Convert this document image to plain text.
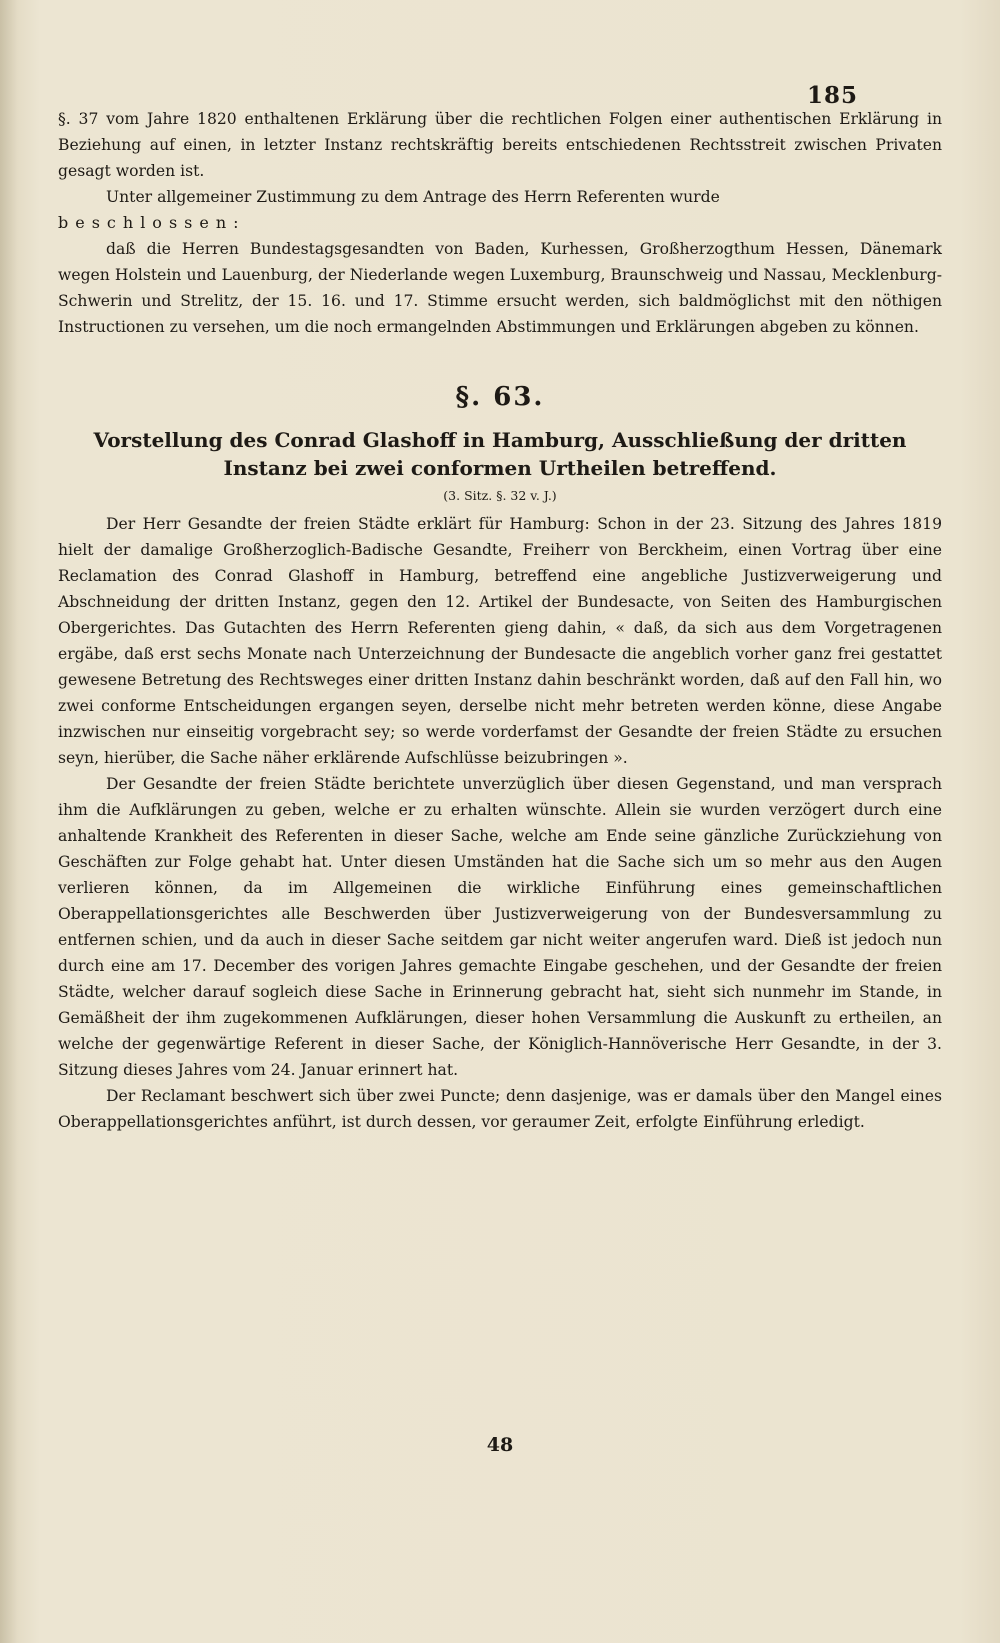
185

§. 37 vom Jahre 1820 enthaltenen Erklärung über die rechtlichen Folgen einer authentischen Erklärung in Beziehung auf einen, in letzter Instanz rechtskräftig bereits entschiedenen Rechtsstreit zwischen Privaten gesagt worden ist.

Unter allgemeiner Zustimmung zu dem Antrage des Herrn Referenten wurde

beschlossen:

daß die Herren Bundestagsgesandten von Baden, Kurhessen, Großherzogthum Hessen, Dänemark wegen Holstein und Lauenburg, der Niederlande wegen Luxemburg, Braunschweig und Nassau, Mecklenburg-Schwerin und Strelitz, der 15. 16. und 17. Stimme ersucht werden, sich baldmöglichst mit den nöthigen Instructionen zu versehen, um die noch ermangelnden Abstimmungen und Erklärungen abgeben zu können.

§. 63.
Vorstellung des Conrad Glashoff in Hamburg, Ausschließung der dritten Instanz bei zwei conformen Urtheilen betreffend.
(3. Sitz. §. 32 v. J.)

Der Herr Gesandte der freien Städte erklärt für Hamburg: Schon in der 23. Sitzung des Jahres 1819 hielt der damalige Großherzoglich-Badische Gesandte, Freiherr von Berckheim, einen Vortrag über eine Reclamation des Conrad Glashoff in Hamburg, betreffend eine angebliche Justizverweigerung und Abschneidung der dritten Instanz, gegen den 12. Artikel der Bundesacte, von Seiten des Hamburgischen Obergerichtes. Das Gutachten des Herrn Referenten gieng dahin, « daß, da sich aus dem Vorgetragenen ergäbe, daß erst sechs Monate nach Unterzeichnung der Bundesacte die angeblich vorher ganz frei gestattet gewesene Betretung des Rechtsweges einer dritten Instanz dahin beschränkt worden, daß auf den Fall hin, wo zwei conforme Entscheidungen ergangen seyen, derselbe nicht mehr betreten werden könne, diese Angabe inzwischen nur einseitig vorgebracht sey; so werde vorderfamst der Gesandte der freien Städte zu ersuchen seyn, hierüber, die Sache näher erklärende Aufschlüsse beizubringen ».

Der Gesandte der freien Städte berichtete unverzüglich über diesen Gegenstand, und man versprach ihm die Aufklärungen zu geben, welche er zu erhalten wünschte. Allein sie wurden verzögert durch eine anhaltende Krankheit des Referenten in dieser Sache, welche am Ende seine gänzliche Zurückziehung von Geschäften zur Folge gehabt hat. Unter diesen Umständen hat die Sache sich um so mehr aus den Augen verlieren können, da im Allgemeinen die wirkliche Einführung eines gemeinschaftlichen Oberappellationsgerichtes alle Beschwerden über Justizverweigerung von der Bundesversammlung zu entfernen schien, und da auch in dieser Sache seitdem gar nicht weiter angerufen ward. Dieß ist jedoch nun durch eine am 17. December des vorigen Jahres gemachte Eingabe geschehen, und der Gesandte der freien Städte, welcher darauf sogleich diese Sache in Erinnerung gebracht hat, sieht sich nunmehr im Stande, in Gemäßheit der ihm zugekommenen Aufklärungen, dieser hohen Versammlung die Auskunft zu ertheilen, an welche der gegenwärtige Referent in dieser Sache, der Königlich-Hannöverische Herr Gesandte, in der 3. Sitzung dieses Jahres vom 24. Januar erinnert hat.

Der Reclamant beschwert sich über zwei Puncte; denn dasjenige, was er damals über den Mangel eines Oberappellationsgerichtes anführt, ist durch dessen, vor geraumer Zeit, erfolgte Einführung erledigt.

48
